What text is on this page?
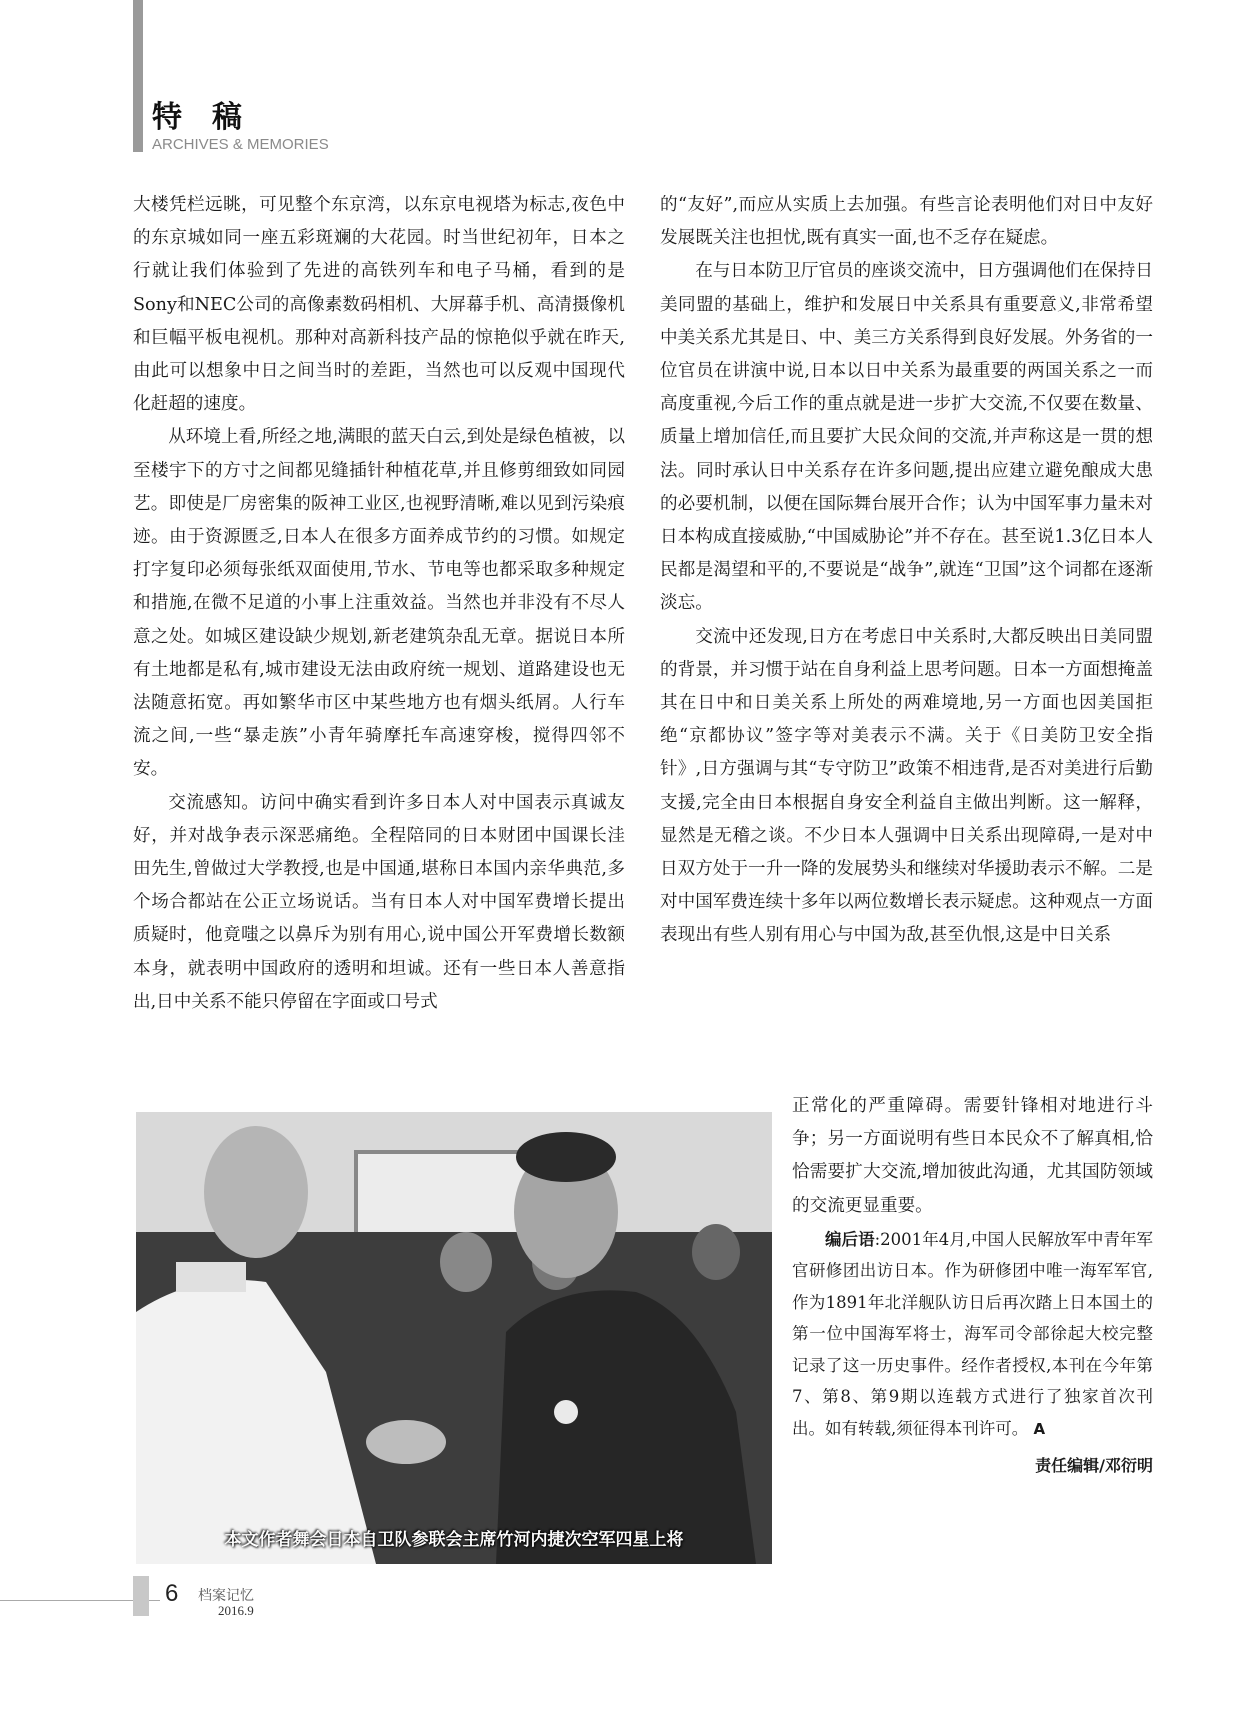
特稿
ARCHIVES & MEMORIES

大楼凭栏远眺，可见整个东京湾，以东京电视塔为标志,夜色中的东京城如同一座五彩斑斓的大花园。时当世纪初年，日本之行就让我们体验到了先进的高铁列车和电子马桶，看到的是Sony和NEC公司的高像素数码相机、大屏幕手机、高清摄像机和巨幅平板电视机。那种对高新科技产品的惊艳似乎就在昨天,由此可以想象中日之间当时的差距，当然也可以反观中国现代化赶超的速度。

从环境上看,所经之地,满眼的蓝天白云,到处是绿色植被，以至楼宇下的方寸之间都见缝插针种植花草,并且修剪细致如同园艺。即使是厂房密集的阪神工业区,也视野清晰,难以见到污染痕迹。由于资源匮乏,日本人在很多方面养成节约的习惯。如规定打字复印必须每张纸双面使用,节水、节电等也都采取多种规定和措施,在微不足道的小事上注重效益。当然也并非没有不尽人意之处。如城区建设缺少规划,新老建筑杂乱无章。据说日本所有土地都是私有,城市建设无法由政府统一规划、道路建设也无法随意拓宽。再如繁华市区中某些地方也有烟头纸屑。人行车流之间,一些“暴走族”小青年骑摩托车高速穿梭，搅得四邻不安。

交流感知。访问中确实看到许多日本人对中国表示真诚友好，并对战争表示深恶痛绝。全程陪同的日本财团中国课长洼田先生,曾做过大学教授,也是中国通,堪称日本国内亲华典范,多个场合都站在公正立场说话。当有日本人对中国军费增长提出质疑时，他竟嗤之以鼻斥为别有用心,说中国公开军费增长数额本身，就表明中国政府的透明和坦诚。还有一些日本人善意指出,日中关系不能只停留在字面或口号式

的“友好”,而应从实质上去加强。有些言论表明他们对日中友好发展既关注也担忧,既有真实一面,也不乏存在疑虑。

在与日本防卫厅官员的座谈交流中，日方强调他们在保持日美同盟的基础上，维护和发展日中关系具有重要意义,非常希望中美关系尤其是日、中、美三方关系得到良好发展。外务省的一位官员在讲演中说,日本以日中关系为最重要的两国关系之一而高度重视,今后工作的重点就是进一步扩大交流,不仅要在数量、质量上增加信任,而且要扩大民众间的交流,并声称这是一贯的想法。同时承认日中关系存在许多问题,提出应建立避免酿成大患的必要机制，以便在国际舞台展开合作；认为中国军事力量未对日本构成直接威胁,“中国威胁论”并不存在。甚至说1.3亿日本人民都是渴望和平的,不要说是“战争”,就连“卫国”这个词都在逐渐淡忘。

交流中还发现,日方在考虑日中关系时,大都反映出日美同盟的背景，并习惯于站在自身利益上思考问题。日本一方面想掩盖其在日中和日美关系上所处的两难境地,另一方面也因美国拒绝“京都协议”签字等对美表示不满。关于《日美防卫安全指针》,日方强调与其“专守防卫”政策不相违背,是否对美进行后勤支援,完全由日本根据自身安全利益自主做出判断。这一解释，显然是无稽之谈。不少日本人强调中日关系出现障碍,一是对中日双方处于一升一降的发展势头和继续对华援助表示不解。二是对中国军费连续十多年以两位数增长表示疑虑。这种观点一方面表现出有些人别有用心与中国为敌,甚至仇恨,这是中日关系

正常化的严重障碍。需要针锋相对地进行斗争；另一方面说明有些日本民众不了解真相,恰恰需要扩大交流,增加彼此沟通，尤其国防领域的交流更显重要。

编后语:2001年4月,中国人民解放军中青年军官研修团出访日本。作为研修团中唯一海军军官,作为1891年北洋舰队访日后再次踏上日本国土的第一位中国海军将士，海军司令部徐起大校完整记录了这一历史事件。经作者授权,本刊在今年第7、第8、第9期以连载方式进行了独家首次刊出。如有转载,须征得本刊许可。 A

责任编辑/邓衍明
本文作者舞会日本自卫队参联会主席竹河内捷次空军四星上将
6 档案记忆
2016.9
